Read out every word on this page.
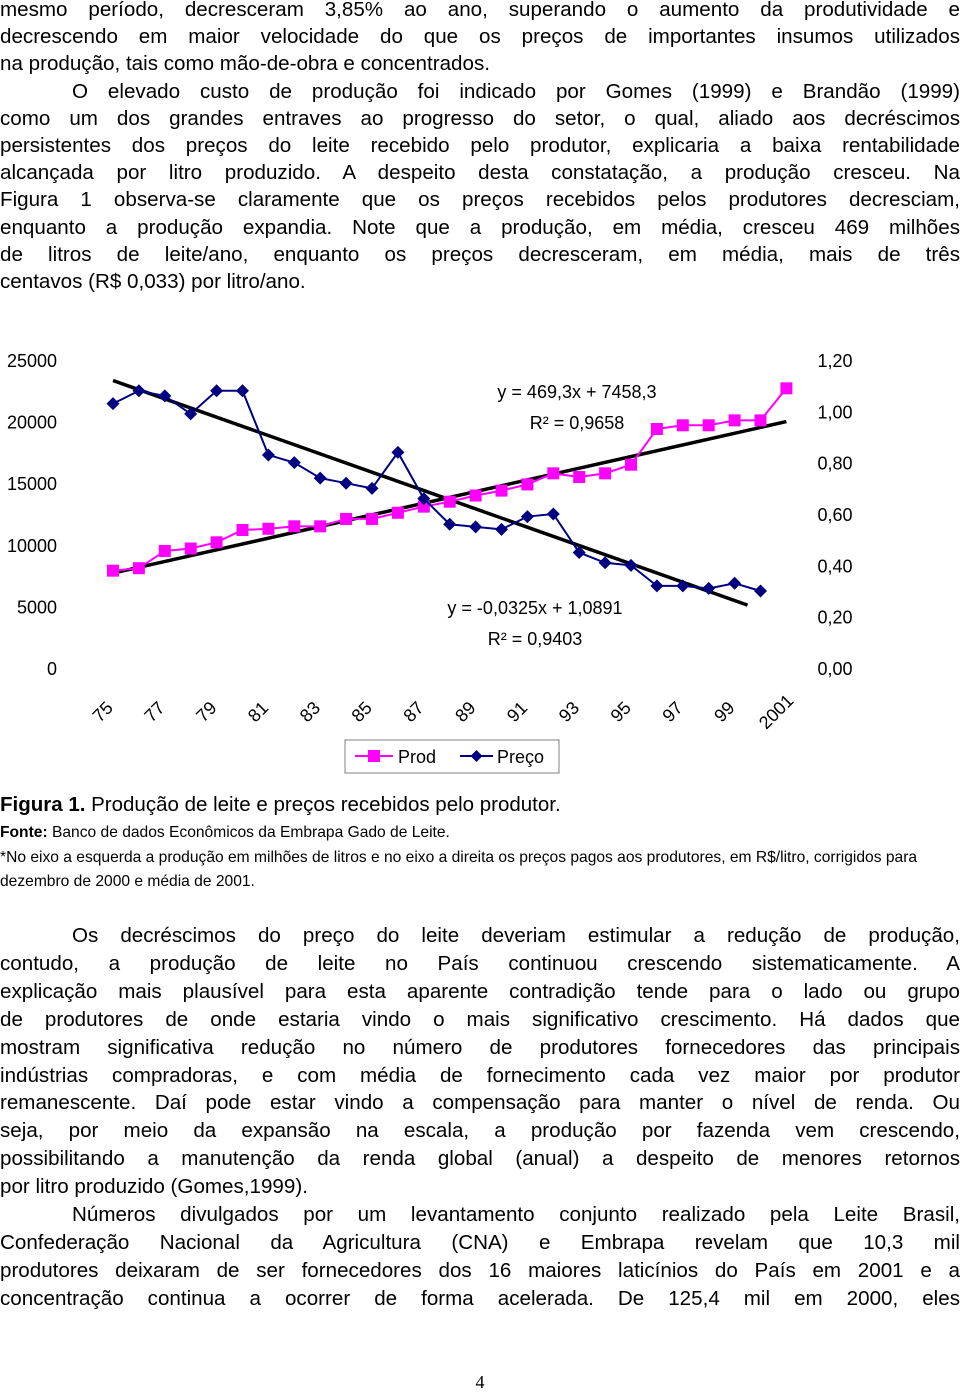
mesmo período, decresceram 3,85% ao ano, superando o aumento da produtividade e
decrescendo em maior velocidade do que os preços de importantes insumos utilizados
na produção, tais como mão-de-obra e concentrados.
O elevado custo de produção foi indicado por Gomes (1999) e Brandão (1999)
como um dos grandes entraves ao progresso do setor, o qual, aliado aos decréscimos
persistentes dos preços do leite recebido pelo produtor, explicaria a baixa rentabilidade
alcançada por litro produzido. A despeito desta constatação, a produção cresceu. Na
Figura 1 observa-se claramente que os preços recebidos pelos produtores decresciam,
enquanto a produção expandia. Note que a produção, em média, cresceu 469 milhões
de litros de leite/ano, enquanto os preços decresceram, em média, mais de três
centavos (R$ 0,033) por litro/ano.
0
5000
10000
15000
20000
25000
0,00
0,20
0,40
0,60
0,80
1,00
1,20
75 77 79 81 83 85 87 89 91 93 95 97 99 2001
y = 469,3x + 7458,3
R² = 0,9658
y = -0,0325x + 1,0891
R² = 0,9403
Prod	Preço
Figura 1. Produção de leite e preços recebidos pelo produtor.
Fonte: Banco de dados Econômicos da Embrapa Gado de Leite.
*No eixo a esquerda a produção em milhões de litros e no eixo a direita os preços pagos aos produtores, em R$/litro, corrigidos para dezembro de 2000 e média de 2001.
Os decréscimos do preço do leite deveriam estimular a redução de produção,
contudo, a produção de leite no País continuou crescendo sistematicamente. A
explicação mais plausível para esta aparente contradição tende para o lado ou grupo
de produtores de onde estaria vindo o mais significativo crescimento. Há dados que
mostram significativa redução no número de produtores fornecedores das principais
indústrias compradoras, e com média de fornecimento cada vez maior por produtor
remanescente. Daí pode estar vindo a compensação para manter o nível de renda. Ou
seja, por meio da expansão na escala, a produção por fazenda vem crescendo,
possibilitando a manutenção da renda global (anual) a despeito de menores retornos
por litro produzido (Gomes,1999).
Números divulgados por um levantamento conjunto realizado pela Leite Brasil,
Confederação Nacional da Agricultura (CNA) e Embrapa revelam que 10,3 mil
produtores deixaram de ser fornecedores dos 16 maiores laticínios do País em 2001 e a
concentração continua a ocorrer de forma acelerada. De 125,4 mil em 2000, eles
4
